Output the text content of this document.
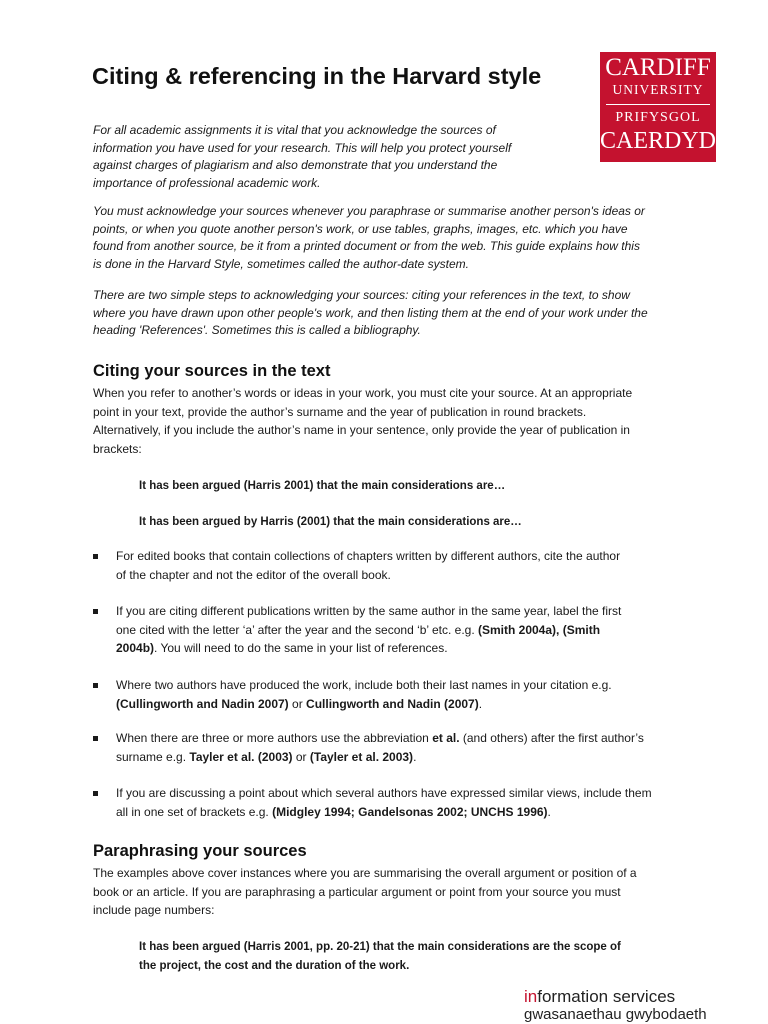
Citing & referencing in the Harvard style	CARDIFF
UNIVERSITY
PRIFYSGOL
CAERDYDD
For all academic assignments it is vital that you acknowledge the sources of
information you have used for your research. This will help you protect yourself
against charges of plagiarism and also demonstrate that you understand the
importance of professional academic work.
You must acknowledge your sources whenever you paraphrase or summarise another person's ideas or
points, or when you quote another person's work, or use tables, graphs, images, etc. which you have
found from another source, be it from a printed document or from the web. This guide explains how this
is done in the Harvard Style, sometimes called the author-date system.
There are two simple steps to acknowledging your sources: citing your references in the text, to show
where you have drawn upon other people's work, and then listing them at the end of your work under the
heading 'References'. Sometimes this is called a bibliography.
Citing your sources in the text
When you refer to another’s words or ideas in your work, you must cite your source. At an appropriate
point in your text, provide the author’s surname and the year of publication in round brackets.
Alternatively, if you include the author’s name in your sentence, only provide the year of publication in
brackets:
It has been argued (Harris 2001) that the main considerations are…
It has been argued by Harris (2001) that the main considerations are…
For edited books that contain collections of chapters written by different authors, cite the author
of the chapter and not the editor of the overall book.
If you are citing different publications written by the same author in the same year, label the first
one cited with the letter ‘a’ after the year and the second ‘b’ etc. e.g. (Smith 2004a), (Smith
2004b). You will need to do the same in your list of references.
Where two authors have produced the work, include both their last names in your citation e.g.
(Cullingworth and Nadin 2007) or Cullingworth and Nadin (2007).
When there are three or more authors use the abbreviation et al. (and others) after the first author’s
surname e.g. Tayler et al. (2003) or (Tayler et al. 2003).
If you are discussing a point about which several authors have expressed similar views, include them
all in one set of brackets e.g. (Midgley 1994; Gandelsonas 2002; UNCHS 1996).
Paraphrasing your sources
The examples above cover instances where you are summarising the overall argument or position of a
book or an article. If you are paraphrasing a particular argument or point from your source you must
include page numbers:
It has been argued (Harris 2001, pp. 20-21) that the main considerations are the scope of
the project, the cost and the duration of the work.
information services
gwasanaethau gwybodaeth
